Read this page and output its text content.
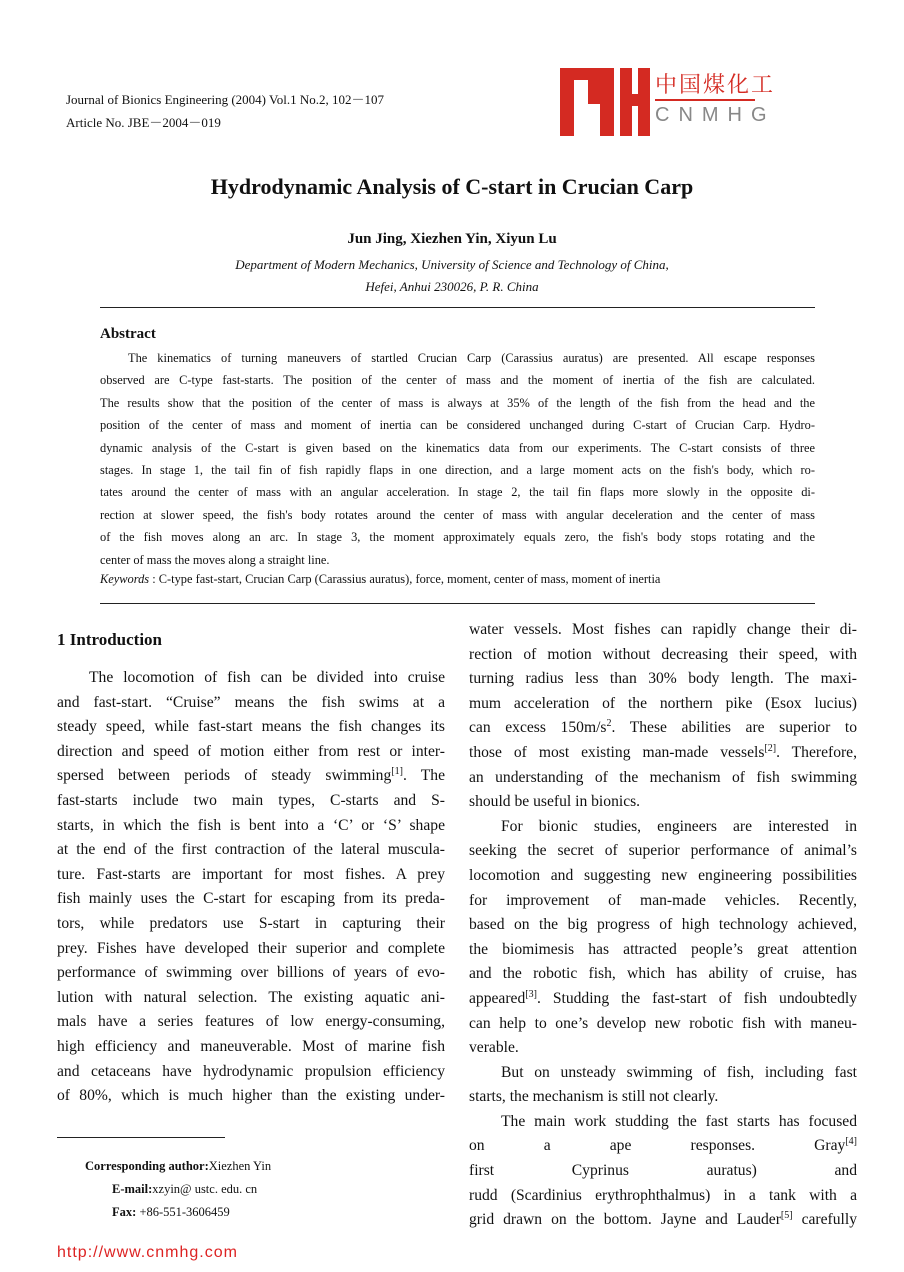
Journal of Bionics Engineering (2004) Vol.1 No.2, 102－107
Article No. JBE－2004－019
Hydrodynamic Analysis of C-start in Crucian Carp
Jun Jing, Xiezhen Yin, Xiyun Lu
Department of Modern Mechanics, University of Science and Technology of China,
Hefei, Anhui 230026, P. R. China
Abstract
The kinematics of turning maneuvers of startled Crucian Carp (Carassius auratus) are presented. All escape responses
observed are C-type fast-starts. The position of the center of mass and the moment of inertia of the fish are calculated.
The results show that the position of the center of mass is always at 35% of the length of the fish from the head and the
position of the center of mass and moment of inertia can be considered unchanged during C-start of Crucian Carp. Hydro-
dynamic analysis of the C-start is given based on the kinematics data from our experiments. The C-start consists of three
stages. In stage 1, the tail fin of fish rapidly flaps in one direction, and a large moment acts on the fish's body, which ro-
tates around the center of mass with an angular acceleration. In stage 2, the tail fin flaps more slowly in the opposite di-
rection at slower speed, the fish's body rotates around the center of mass with angular deceleration and the center of mass
of the fish moves along an arc. In stage 3, the moment approximately equals zero, the fish's body stops rotating and the
center of mass the moves along a straight line.
Keywords : C-type fast-start, Crucian Carp (Carassius auratus), force, moment, center of mass, moment of inertia
1 Introduction
The locomotion of fish can be divided into cruise
and fast-start. “Cruise” means the fish swims at a
steady speed, while fast-start means the fish changes its
direction and speed of motion either from rest or inter-
spersed between periods of steady swimming[1]. The
fast-starts include two main types, C-starts and S-
starts, in which the fish is bent into a ‘C’ or ‘S’ shape
at the end of the first contraction of the lateral muscula-
ture. Fast-starts are important for most fishes. A prey
fish mainly uses the C-start for escaping from its preda-
tors, while predators use S-start in capturing their
prey. Fishes have developed their superior and complete
performance of swimming over billions of years of evo-
lution with natural selection. The existing aquatic ani-
mals have a series features of low energy-consuming,
high efficiency and maneuverable. Most of marine fish
and cetaceans have hydrodynamic propulsion efficiency
of 80%, which is much higher than the existing under-
water vessels. Most fishes can rapidly change their di-
rection of motion without decreasing their speed, with
turning radius less than 30% body length. The maxi-
mum acceleration of the northern pike (Esox lucius)
can excess $150m/s^2$. These abilities are superior to
those of most existing man-made vessels[2]. Therefore,
an understanding of the mechanism of fish swimming
should be useful in bionics.
For bionic studies, engineers are interested in
seeking the secret of superior performance of animal’s
locomotion and suggesting new engineering possibilities
for improvement of man-made vehicles. Recently,
based on the big progress of high technology achieved,
the biomimesis has attracted people’s great attention
and the robotic fish, which has ability of cruise, has
appeared[3]. Studding the fast-start of fish undoubtedly
can help to one’s develop new robotic fish with maneu-
verable.
But on unsteady swimming of fish, including fast
starts, the mechanism is still not clearly.
The main work studding the fast starts has focused
on a	ape responses. Gray[4]
first	Cyprinus auratus) and
rudd (Scardinius erythrophthalmus) in a tank with a
grid drawn on the bottom. Jayne and Lauder[5] carefully
Corresponding author:Xiezhen Yin
E-mail:xzyin@ ustc. edu. cn
Fax: +86-551-3606459
http://www.cnmhg.com
中国煤化工
CNMHG
